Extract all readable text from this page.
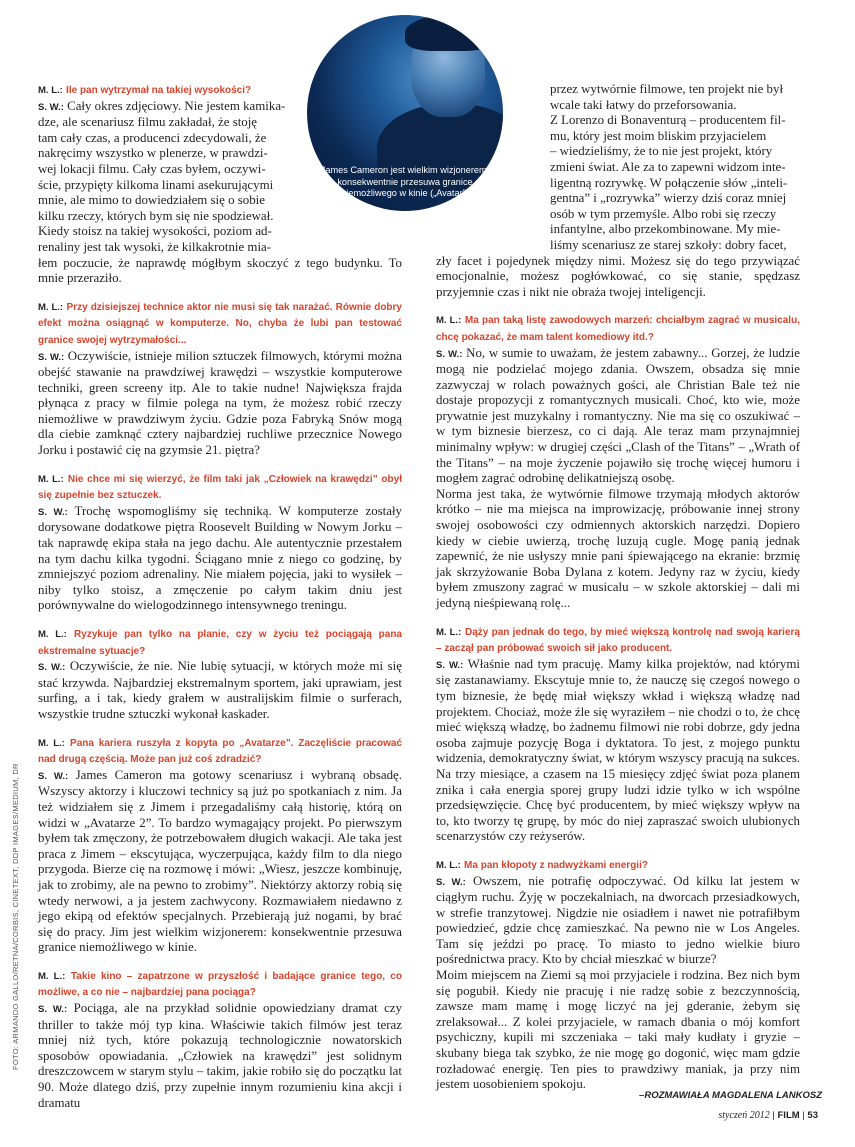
FOTO: ARMANDO GALLO/RETNA/CORBIS, CINETEXT, DDP IMAGES/MEDIUM, DR
James Cameron jest wielkim wizjonerem: konsekwentnie przesuwa granice niemożliwego w kinie („Avatar”)

M. L.: Ile pan wytrzymał na takiej wysokości?

S. W.: Cały okres zdjęciowy. Nie jestem kamika-
dze, ale scenariusz filmu zakładał, że stoję
tam cały czas, a producenci zdecydowali, że
nakręcimy wszystko w plenerze, w prawdzi-
wej lokacji filmu. Cały czas byłem, oczywi-
ście, przypięty kilkoma linami asekurującymi
mnie, ale mimo to dowiedziałem się o sobie
kilku rzeczy, których bym się nie spodziewał.
Kiedy stoisz na takiej wysokości, poziom ad-
renaliny jest tak wysoki, że kilkakrotnie mia-

łem poczucie, że naprawdę mógłbym skoczyć z tego budynku. To mnie przeraziło.

M. L.: Przy dzisiejszej technice aktor nie musi się tak narażać. Równie dobry efekt można osiągnąć w komputerze. No, chyba że lubi pan testować granice swojej wytrzymałości...

S. W.: Oczywiście, istnieje milion sztuczek filmowych, którymi można obejść stawanie na prawdziwej krawędzi – wszystkie komputerowe techniki, green screeny itp. Ale to takie nudne! Największa frajda płynąca z pracy w filmie polega na tym, że możesz robić rzeczy niemożliwe w prawdziwym życiu. Gdzie poza Fabryką Snów mogą dla ciebie zamknąć cztery najbardziej ruchliwe przecznice Nowego Jorku i postawić cię na gzymsie 21. piętra?

M. L.: Nie chce mi się wierzyć, że film taki jak „Człowiek na krawędzi” obył się zupełnie bez sztuczek.

S. W.: Trochę wspomogliśmy się techniką. W komputerze zostały dorysowane dodatkowe piętra Roosevelt Building w Nowym Jorku – tak naprawdę ekipa stała na jego dachu. Ale autentycznie przestałem na tym dachu kilka tygodni. Ściągano mnie z niego co godzinę, by zmniejszyć poziom adrenaliny. Nie miałem pojęcia, jaki to wysiłek – niby tylko stoisz, a zmęczenie po całym takim dniu jest porównywalne do wielogodzinnego intensywnego treningu.

M. L.: Ryzykuje pan tylko na planie, czy w życiu też pociągają pana ekstremalne sytuacje?

S. W.: Oczywiście, że nie. Nie lubię sytuacji, w których może mi się stać krzywda. Najbardziej ekstremalnym sportem, jaki uprawiam, jest surfing, a i tak, kiedy grałem w australijskim filmie o surferach, wszystkie trudne sztuczki wykonał kaskader.

M. L.: Pana kariera ruszyła z kopyta po „Avatarze”. Zaczęliście pracować nad drugą częścią. Może pan już coś zdradzić?

S. W.: James Cameron ma gotowy scenariusz i wybraną obsadę. Wszyscy aktorzy i kluczowi technicy są już po spotkaniach z nim. Ja też widziałem się z Jimem i przegadaliśmy całą historię, którą on widzi w „Avatarze 2”. To bardzo wymagający projekt. Po pierwszym byłem tak zmęczony, że potrzebowałem długich wakacji. Ale taka jest praca z Jimem – ekscytująca, wyczerpująca, każdy film to dla niego przygoda. Bierze cię na rozmowę i mówi: „Wiesz, jeszcze kombinuję, jak to zrobimy, ale na pewno to zrobimy”. Niektórzy aktorzy robią się wtedy nerwowi, a ja jestem zachwycony. Rozmawiałem niedawno z jego ekipą od efektów specjalnych. Przebierają już nogami, by brać się do pracy. Jim jest wielkim wizjonerem: konsekwentnie przesuwa granice niemożliwego w kinie.

M. L.: Takie kino – zapatrzone w przyszłość i badające granice tego, co możliwe, a co nie – najbardziej pana pociąga?

S. W.: Pociąga, ale na przykład solidnie opowiedziany dramat czy thriller to także mój typ kina. Właściwie takich filmów jest teraz mniej niż tych, które pokazują technologicznie nowatorskich sposobów opowiadania. „Człowiek na krawędzi” jest solidnym dreszczowcem w starym stylu – takim, jakie robiło się do początku lat 90. Może dlatego dziś, przy zupełnie innym rozumieniu kina akcji i dramatu

przez wytwórnie filmowe, ten projekt nie był
wcale taki łatwy do przeforsowania.
Z Lorenzo di Bonaventurą – producentem fil-
mu, który jest moim bliskim przyjacielem
– wiedzieliśmy, że to nie jest projekt, który
zmieni świat. Ale za to zapewni widzom inte-
ligentną rozrywkę. W połączenie słów „inteli-
gentna” i „rozrywka” wierzy dziś coraz mniej
osób w tym przemyśle. Albo robi się rzeczy
infantylne, albo przekombinowane. My mie-
liśmy scenariusz ze starej szkoły: dobry facet,

zły facet i pojedynek między nimi. Możesz się do tego przywiązać emocjonalnie, możesz pogłówkować, co się stanie, spędzasz przyjemnie czas i nikt nie obraża twojej inteligencji.

M. L.: Ma pan taką listę zawodowych marzeń: chciałbym zagrać w musicalu, chcę pokazać, że mam talent komediowy itd.?

S. W.: No, w sumie to uważam, że jestem zabawny... Gorzej, że ludzie mogą nie podzielać mojego zdania. Owszem, obsadza się mnie zazwyczaj w rolach poważnych gości, ale Christian Bale też nie dostaje propozycji z romantycznych musicali. Choć, kto wie, może prywatnie jest muzykalny i romantyczny. Nie ma się co oszukiwać – w tym biznesie bierzesz, co ci dają. Ale teraz mam przynajmniej minimalny wpływ: w drugiej części „Clash of the Titans” – „Wrath of the Titans” – na moje życzenie pojawiło się trochę więcej humoru i mogłem zagrać odrobinę delikatniejszą osobę.

Norma jest taka, że wytwórnie filmowe trzymają młodych aktorów krótko – nie ma miejsca na improwizację, próbowanie innej strony swojej osobowości czy odmiennych aktorskich narzędzi. Dopiero kiedy w ciebie uwierzą, trochę luzują cugle. Mogę panią jednak zapewnić, że nie usłyszy mnie pani śpiewającego na ekranie: brzmię jak skrzyżowanie Boba Dylana z kotem. Jedyny raz w życiu, kiedy byłem zmuszony zagrać w musicalu – w szkole aktorskiej – dali mi jedyną nieśpiewaną rolę...

M. L.: Dąży pan jednak do tego, by mieć większą kontrolę nad swoją karierą – zaczął pan próbować swoich sił jako producent.

S. W.: Właśnie nad tym pracuję. Mamy kilka projektów, nad którymi się zastanawiamy. Ekscytuje mnie to, że nauczę się czegoś nowego o tym biznesie, że będę miał większy wkład i większą władzę nad projektem. Chociaż, może źle się wyraziłem – nie chodzi o to, że chcę mieć większą władzę, bo żadnemu filmowi nie robi dobrze, gdy jedna osoba zajmuje pozycję Boga i dyktatora. To jest, z mojego punktu widzenia, demokratyczny świat, w którym wszyscy pracują na sukces. Na trzy miesiące, a czasem na 15 miesięcy zdjęć świat poza planem znika i cała energia sporej grupy ludzi idzie tylko w ich wspólne przedsięwzięcie. Chcę być producentem, by mieć większy wpływ na to, kto tworzy tę grupę, by móc do niej zapraszać swoich ulubionych scenarzystów czy reżyserów.

M. L.: Ma pan kłopoty z nadwyżkami energii?

S. W.: Owszem, nie potrafię odpoczywać. Od kilku lat jestem w ciągłym ruchu. Żyję w poczekalniach, na dworcach przesiadkowych, w strefie tranzytowej. Nigdzie nie osiadłem i nawet nie potrafiłbym powiedzieć, gdzie chcę zamieszkać. Na pewno nie w Los Angeles. Tam się jeździ po pracę. To miasto to jedno wielkie biuro pośrednictwa pracy. Kto by chciał mieszkać w biurze?

Moim miejscem na Ziemi są moi przyjaciele i rodzina. Bez nich bym się pogubił. Kiedy nie pracuję i nie radzę sobie z bezczynnością, zawsze mam mamę i mogę liczyć na jej gderanie, żebym się zrelaksował... Z kolei przyjaciele, w ramach dbania o mój komfort psychiczny, kupili mi szczeniaka – taki mały kudłaty i gryzie – skubany biega tak szybko, że nie mogę go dogonić, więc mam gdzie rozładować energię. Ten pies to prawdziwy maniak, ja przy nim jestem uosobieniem spokoju.

–ROZMAWIAŁA MAGDALENA LANKOSZ
styczeń 2012 | FILM | 53
